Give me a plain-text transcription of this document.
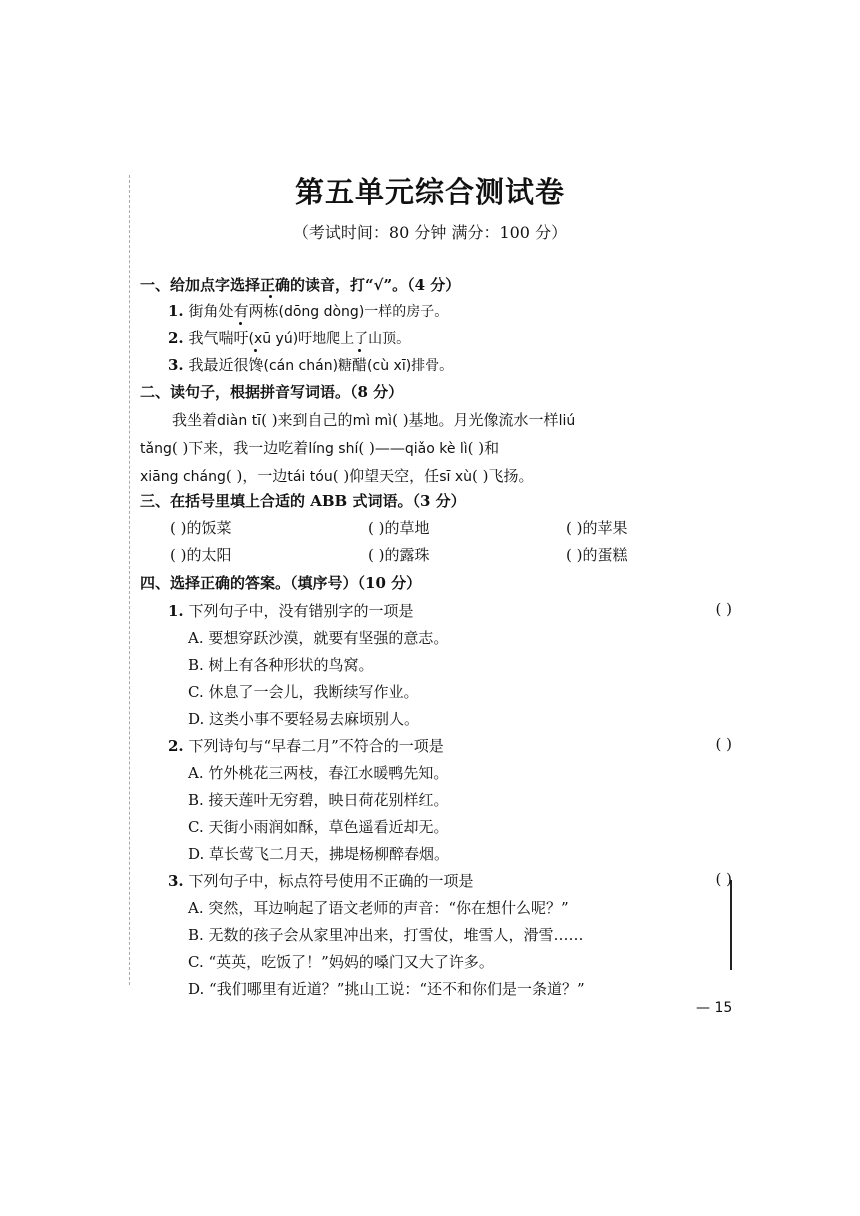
第五单元综合测试卷
（考试时间：80 分钟 满分：100 分）
一、给加点字选择正确的读音，打“√”。（4 分）
1. 街角处有两栋(dōng dòng)一样的房子。
2. 我气喘吁(xū yú)吁地爬上了山顶。
3. 我最近很馋(cán chán)糖醋(cù xī)排骨。
二、读句子，根据拼音写词语。（8 分）
我坐着diàn tī( )来到自己的mì mì( )基地。月光像流水一样liú
tǎng( )下来，我一边吃着líng shí( )——qiǎo kè lì( )和
xiāng cháng( )，一边tái tóu( )仰望天空，任sī xù( )飞扬。
三、在括号里填上合适的 ABB 式词语。（3 分）
( )的饭菜	( )的草地	( )的苹果
( )的太阳	( )的露珠	( )的蛋糕
四、选择正确的答案。（填序号）（10 分）
1. 下列句子中，没有错别字的一项是	( )
A. 要想穿跃沙漠，就要有坚强的意志。
B. 树上有各种形状的鸟窝。
C. 休息了一会儿，我断续写作业。
D. 这类小事不要轻易去麻顷别人。
2. 下列诗句与“早春二月”不符合的一项是	( )
A. 竹外桃花三两枝，春江水暖鸭先知。
B. 接天莲叶无穷碧，映日荷花别样红。
C. 天街小雨润如酥，草色遥看近却无。
D. 草长莺飞二月天，拂堤杨柳醉春烟。
3. 下列句子中，标点符号使用不正确的一项是	( )
A. 突然，耳边响起了语文老师的声音：“你在想什么呢？”
B. 无数的孩子会从家里冲出来，打雪仗，堆雪人，滑雪……
C. “英英，吃饭了！”妈妈的嗓门又大了许多。
D. “我们哪里有近道？”挑山工说：“还不和你们是一条道？”
— 15
